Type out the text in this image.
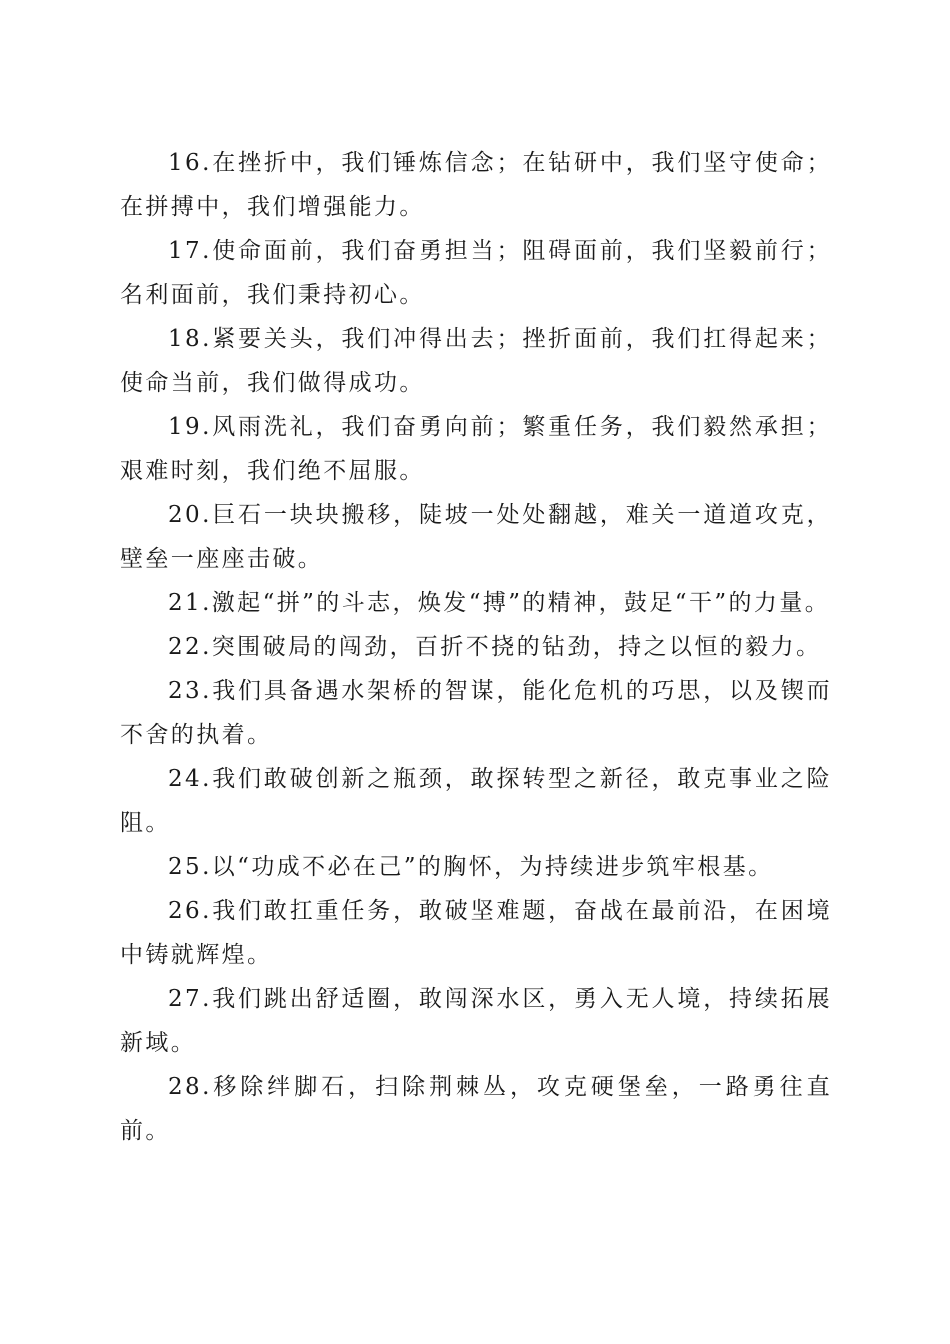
16.在挫折中，我们锤炼信念；在钻研中，我们坚守使命；在拼搏中，我们增强能力。

17.使命面前，我们奋勇担当；阻碍面前，我们坚毅前行；名利面前，我们秉持初心。

18.紧要关头，我们冲得出去；挫折面前，我们扛得起来；使命当前，我们做得成功。

19.风雨洗礼，我们奋勇向前；繁重任务，我们毅然承担；艰难时刻，我们绝不屈服。

20.巨石一块块搬移，陡坡一处处翻越，难关一道道攻克，壁垒一座座击破。

21.激起“拼”的斗志，焕发“搏”的精神，鼓足“干”的力量。

22.突围破局的闯劲，百折不挠的钻劲，持之以恒的毅力。

23.我们具备遇水架桥的智谋，能化危机的巧思，以及锲而不舍的执着。

24.我们敢破创新之瓶颈，敢探转型之新径，敢克事业之险阻。

25.以“功成不必在己”的胸怀，为持续进步筑牢根基。

26.我们敢扛重任务，敢破坚难题，奋战在最前沿，在困境中铸就辉煌。

27.我们跳出舒适圈，敢闯深水区，勇入无人境，持续拓展新域。

28.移除绊脚石，扫除荆棘丛，攻克硬堡垒，一路勇往直前。
